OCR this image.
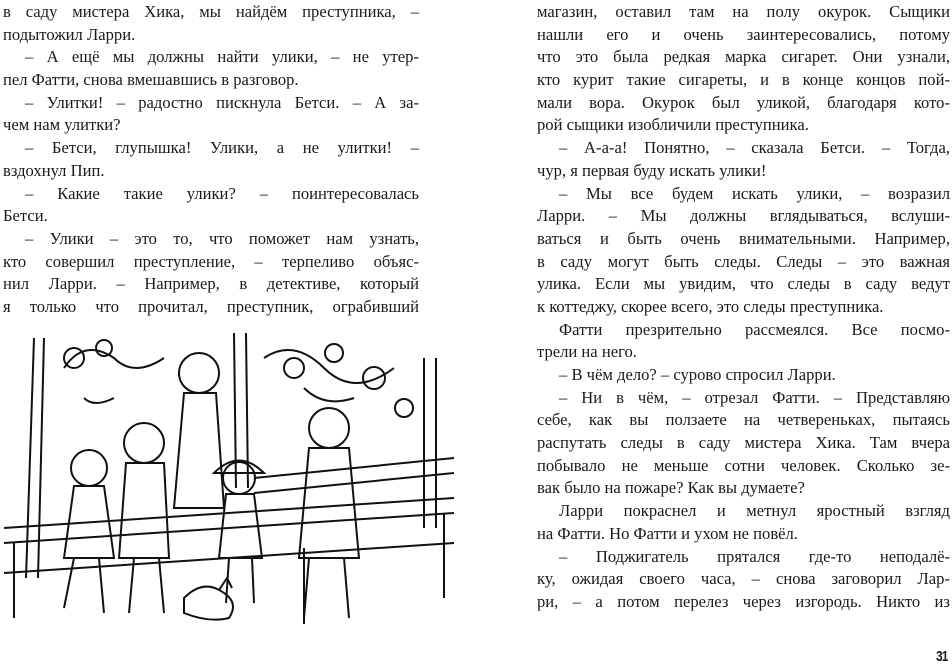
в саду мистера Хика, мы найдём преступника, –
подытожил Ларри.
– А ещё мы должны найти улики, – не утер-
пел Фатти, снова вмешавшись в разговор.
– Улитки! – радостно пискнула Бетси. – А за-
чем нам улитки?
– Бетси, глупышка! Улики, а не улитки! –
вздохнул Пип.
– Какие такие улики? – поинтересовалась
Бетси.
– Улики – это то, что поможет нам узнать,
кто совершил преступление, – терпеливо объяс-
нил Ларри. – Например, в детективе, который
я только что прочитал, преступник, ограбивший
магазин, оставил там на полу окурок. Сыщики
нашли его и очень заинтересовались, потому
что это была редкая марка сигарет. Они узнали,
кто курит такие сигареты, и в конце концов пой-
мали вора. Окурок был уликой, благодаря кото-
рой сыщики изобличили преступника.
– А-а-а! Понятно, – сказала Бетси. – Тогда,
чур, я первая буду искать улики!
– Мы все будем искать улики, – возразил
Ларри. – Мы должны вглядываться, вслуши-
ваться и быть очень внимательными. Например,
в саду могут быть следы. Следы – это важная
улика. Если мы увидим, что следы в саду ведут
к коттеджу, скорее всего, это следы преступника.
Фатти презрительно рассмеялся. Все посмо-
трели на него.
– В чём дело? – сурово спросил Ларри.
– Ни в чём, – отрезал Фатти. – Представляю
себе, как вы ползаете на четвереньках, пытаясь
распутать следы в саду мистера Хика. Там вчера
побывало не меньше сотни человек. Сколько зе-
вак было на пожаре? Как вы думаете?
Ларри покраснел и метнул яростный взгляд
на Фатти. Но Фатти и ухом не повёл.
– Поджигатель прятался где-то неподалё-
ку, ожидая своего часа, – снова заговорил Лар-
ри, – а потом перелез через изгородь. Никто из
31
